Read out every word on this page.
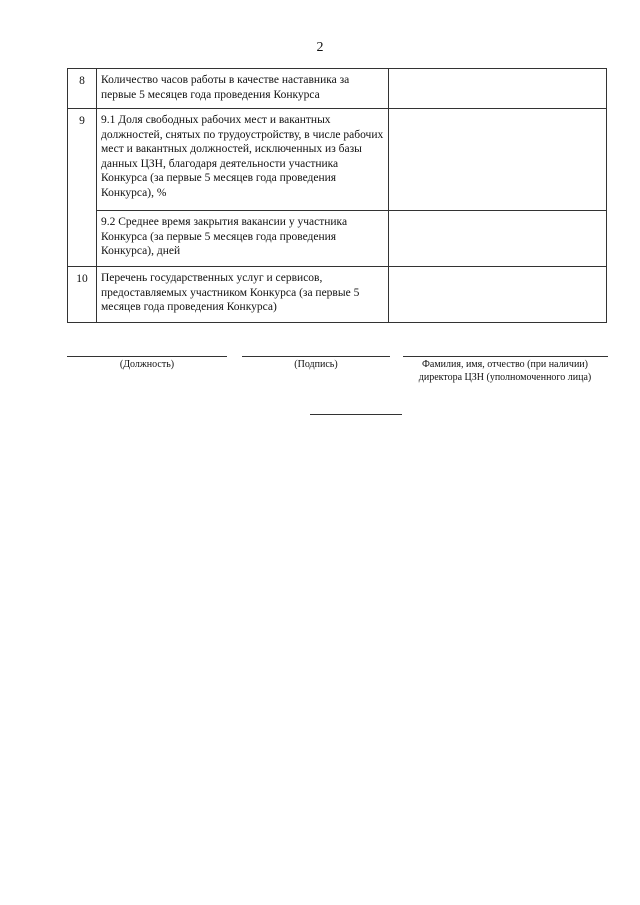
2
8	Количество часов работы в качестве наставника за первые 5 месяцев года проведения Конкурса	
9	9.1 Доля свободных рабочих мест и вакантных должностей, снятых по трудоустройству, в числе рабочих мест и вакантных должностей, исключенных из базы данных ЦЗН, благодаря деятельности участника Конкурса (за первые 5 месяцев года проведения Конкурса), %	
	9.2 Среднее время закрытия вакансии у участника Конкурса (за первые 5 месяцев года проведения Конкурса), дней	
10	Перечень государственных услуг и сервисов, предоставляемых участником Конкурса (за первые 5 месяцев года проведения Конкурса)	
(Должность)	(Подпись)	Фамилия, имя, отчество (при наличии)
директора ЦЗН (уполномоченного лица)
